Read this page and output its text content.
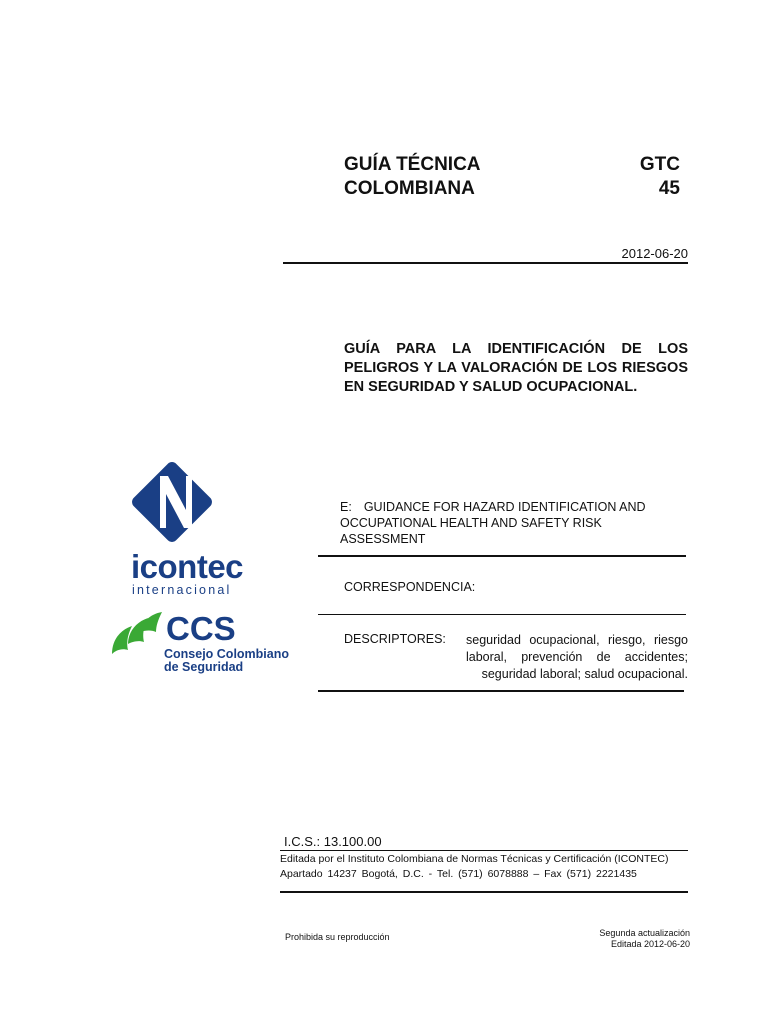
GUÍA TÉCNICA
COLOMBIANA
GTC
45
2012-06-20
GUÍA PARA LA IDENTIFICACIÓN DE LOS PELIGROS Y LA VALORACIÓN DE LOS RIESGOS EN SEGURIDAD Y SALUD OCUPACIONAL.
icontec
internacional
CCS
Consejo Colombiano
de Seguridad
E: GUIDANCE FOR HAZARD IDENTIFICATION AND OCCUPATIONAL HEALTH AND SAFETY RISK ASSESSMENT
CORRESPONDENCIA:
DESCRIPTORES: seguridad ocupacional, riesgo, riesgo laboral, prevención de accidentes; seguridad laboral; salud ocupacional.
I.C.S.: 13.100.00
Editada por el Instituto Colombiana de Normas Técnicas y Certificación (ICONTEC)
Apartado 14237 Bogotá, D.C. - Tel. (571) 6078888 – Fax (571) 2221435
Prohibida su reproducción	Segunda actualización
Editada 2012-06-20
